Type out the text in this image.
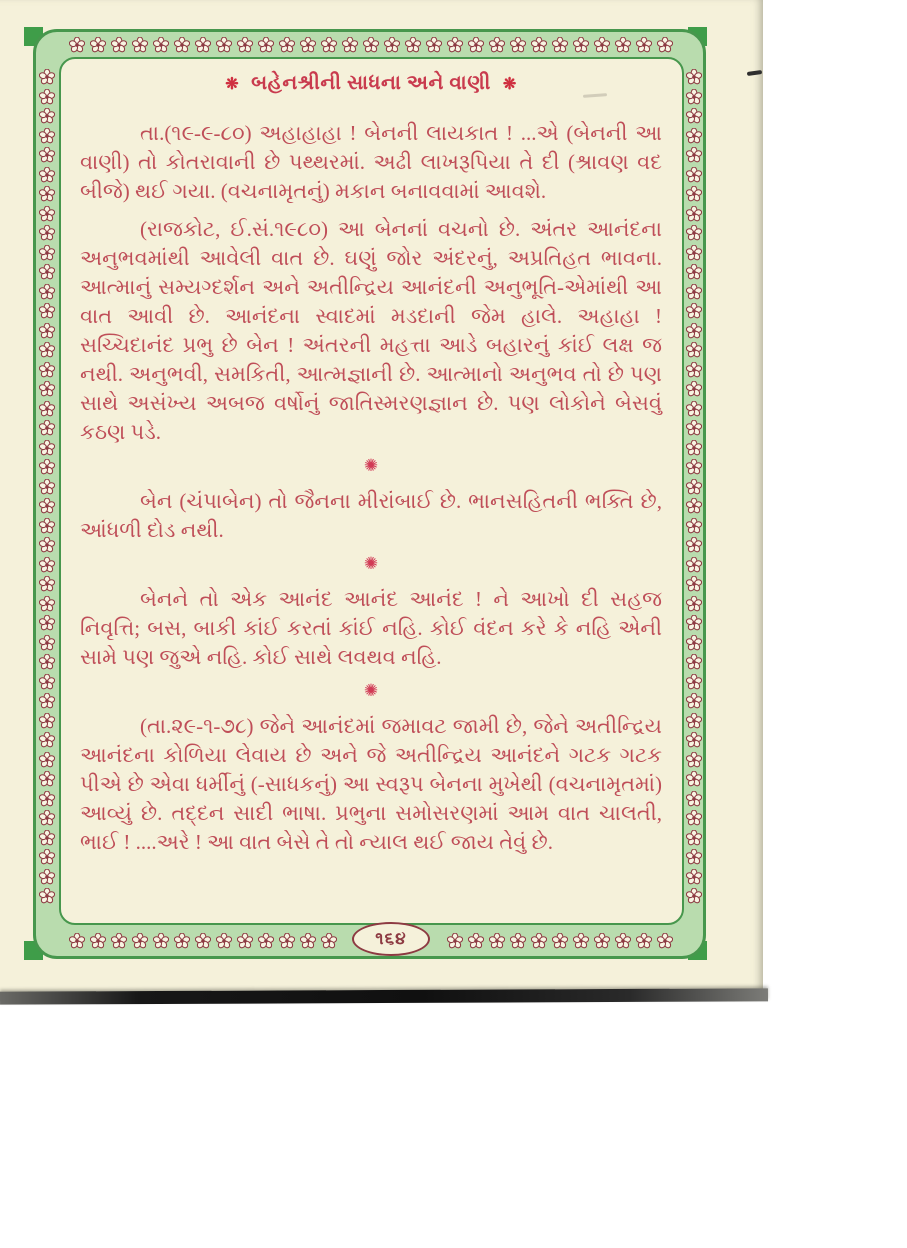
❋ બહેનશ્રીની સાધના અને વાણી ❋

તા.(૧૯-૯-૮૦) અહાહાહા ! બેનની લાયકાત ! ...એ (બેનની આ વાણી) તો કોતરાવાની છે પથ્થરમાં. અઢી લાખરૂપિયા તે દી (શ્રાવણ વદ બીજે) થઈ ગયા. (વચનામૃતનું) મકાન બનાવવામાં આવશે.

(રાજકોટ, ઈ.સં.૧૯૮૦) આ બેનનાં વચનો છે. અંતર આનંદના અનુભવમાંથી આવેલી વાત છે. ઘણું જોર અંદરનું, અપ્રતિહત ભાવના. આત્માનું સમ્યગ્દર્શન અને અતીન્દ્રિય આનંદની અનુભૂતિ-એમાંથી આ વાત આવી છે. આનંદના સ્વાદમાં મડદાની જેમ હાલે. અહાહા ! સચ્ચિદાનંદ પ્રભુ છે બેન ! અંતરની મહત્તા આડે બહારનું કાંઈ લક્ષ જ નથી. અનુભવી, સમકિતી, આત્મજ્ઞાની છે. આત્માનો અનુભવ તો છે પણ સાથે અસંખ્ય અબજ વર્ષોનું જાતિસ્મરણજ્ઞાન છે. પણ લોકોને બેસવું કઠણ પડે.

✺

બેન (ચંપાબેન) તો જૈનના મીરાંબાઈ છે. ભાનસહિતની ભક્તિ છે, આંધળી દોડ નથી.

✺

બેનને તો એક આનંદ આનંદ આનંદ ! ને આખો દી સહજ નિવૃત્તિ; બસ, બાકી કાંઈ કરતાં કાંઈ નહિ. કોઈ વંદન કરે કે નહિ એની સામે પણ જુએ નહિ. કોઈ સાથે લવથવ નહિ.

✺

(તા.૨૯-૧-૭૮) જેને આનંદમાં જમાવટ જામી છે, જેને અતીન્દ્રિય આનંદના કોળિયા લેવાય છે અને જે અતીન્દ્રિય આનંદને ગટક ગટક પીએ છે એવા ધર્મીનું (-સાધકનું) આ સ્વરૂપ બેનના મુખેથી (વચનામૃતમાં) આવ્યું છે. તદ્દન સાદી ભાષા. પ્રભુના સમોસરણમાં આમ વાત ચાલતી, ભાઈ ! ....અરે ! આ વાત બેસે તે તો ન્યાલ થઈ જાય તેવું છે.

૧૬૪
